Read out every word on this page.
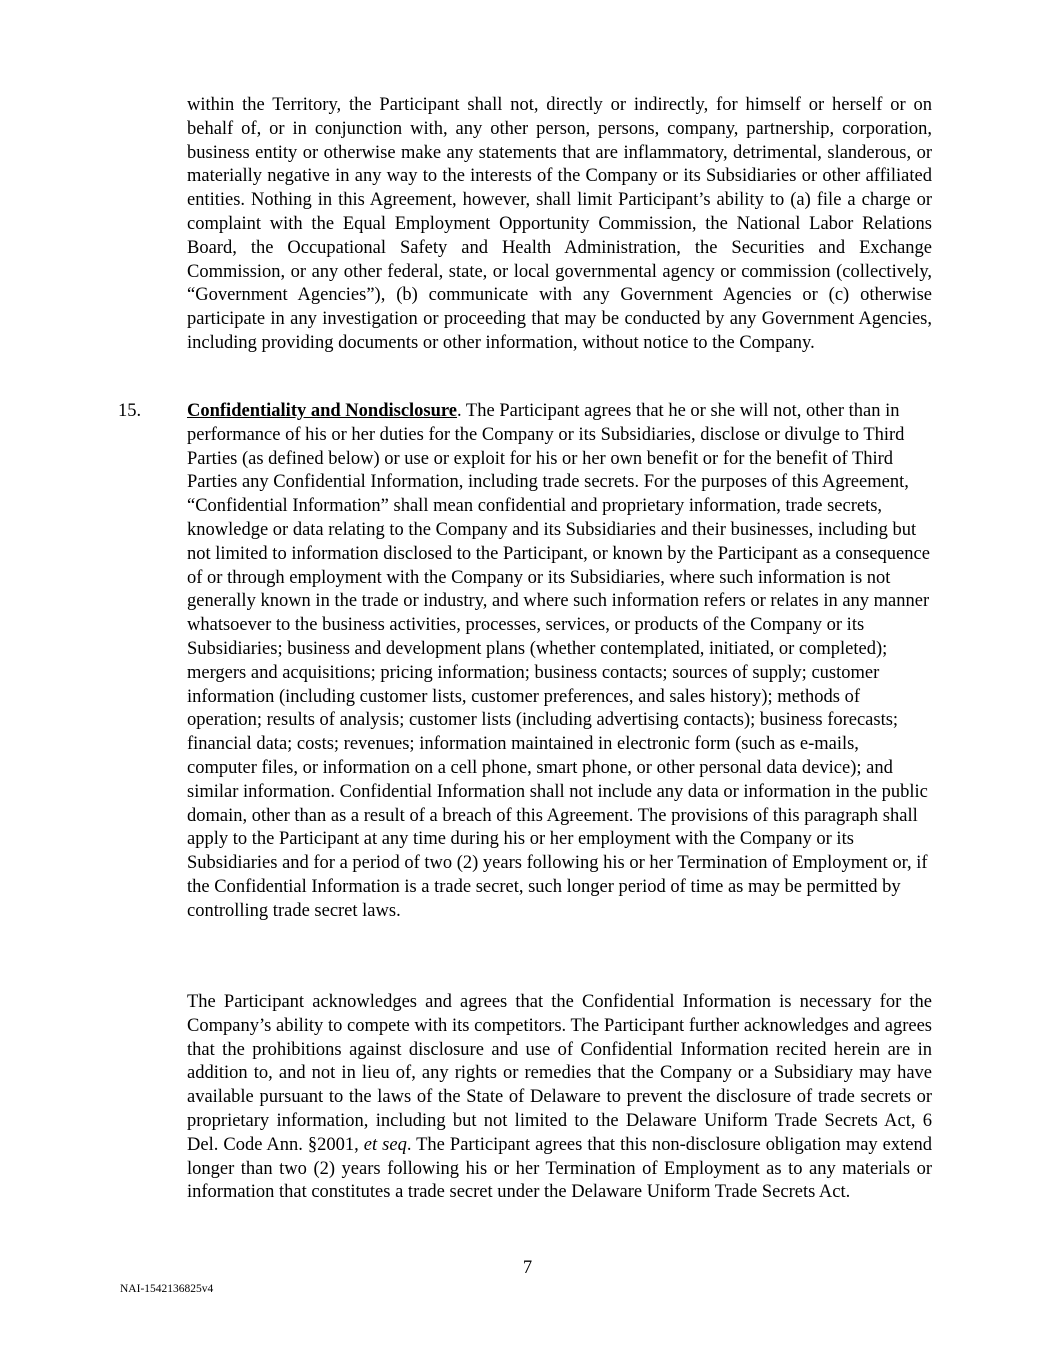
within the Territory, the Participant shall not, directly or indirectly, for himself or herself or on behalf of, or in conjunction with, any other person, persons, company, partnership, corporation, business entity or otherwise make any statements that are inflammatory, detrimental, slanderous, or materially negative in any way to the interests of the Company or its Subsidiaries or other affiliated entities. Nothing in this Agreement, however, shall limit Participant’s ability to (a) file a charge or complaint with the Equal Employment Opportunity Commission, the National Labor Relations Board, the Occupational Safety and Health Administration, the Securities and Exchange Commission, or any other federal, state, or local governmental agency or commission (collectively, “Government Agencies”), (b) communicate with any Government Agencies or (c) otherwise participate in any investigation or proceeding that may be conducted by any Government Agencies, including providing documents or other information, without notice to the Company.

15. Confidentiality and Nondisclosure. The Participant agrees that he or she will not, other than in performance of his or her duties for the Company or its Subsidiaries, disclose or divulge to Third Parties (as defined below) or use or exploit for his or her own benefit or for the benefit of Third Parties any Confidential Information, including trade secrets. For the purposes of this Agreement, “Confidential Information” shall mean confidential and proprietary information, trade secrets, knowledge or data relating to the Company and its Subsidiaries and their businesses, including but not limited to information disclosed to the Participant, or known by the Participant as a consequence of or through employment with the Company or its Subsidiaries, where such information is not generally known in the trade or industry, and where such information refers or relates in any manner whatsoever to the business activities, processes, services, or products of the Company or its Subsidiaries; business and development plans (whether contemplated, initiated, or completed); mergers and acquisitions; pricing information; business contacts; sources of supply; customer information (including customer lists, customer preferences, and sales history); methods of operation; results of analysis; customer lists (including advertising contacts); business forecasts; financial data; costs; revenues; information maintained in electronic form (such as e-mails, computer files, or information on a cell phone, smart phone, or other personal data device); and similar information. Confidential Information shall not include any data or information in the public domain, other than as a result of a breach of this Agreement. The provisions of this paragraph shall apply to the Participant at any time during his or her employment with the Company or its Subsidiaries and for a period of two (2) years following his or her Termination of Employment or, if the Confidential Information is a trade secret, such longer period of time as may be permitted by controlling trade secret laws.

The Participant acknowledges and agrees that the Confidential Information is necessary for the Company’s ability to compete with its competitors. The Participant further acknowledges and agrees that the prohibitions against disclosure and use of Confidential Information recited herein are in addition to, and not in lieu of, any rights or remedies that the Company or a Subsidiary may have available pursuant to the laws of the State of Delaware to prevent the disclosure of trade secrets or proprietary information, including but not limited to the Delaware Uniform Trade Secrets Act, 6 Del. Code Ann. §2001, et seq. The Participant agrees that this non-disclosure obligation may extend longer than two (2) years following his or her Termination of Employment as to any materials or information that constitutes a trade secret under the Delaware Uniform Trade Secrets Act.

7
NAI-1542136825v4
